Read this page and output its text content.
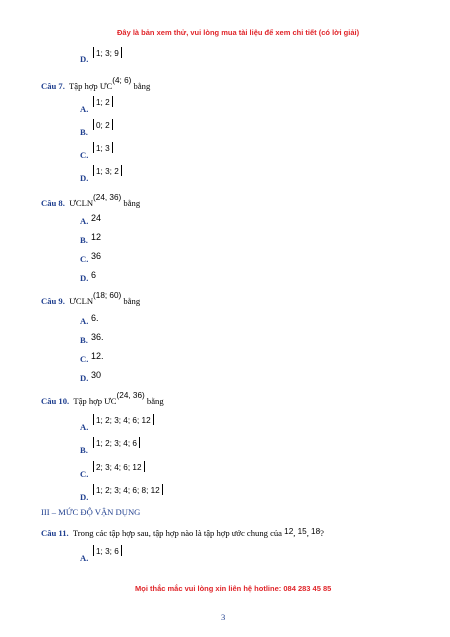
Đây là bản xem thử, vui lòng mua tài liệu để xem chi tiết (có lời giải)
D.
1; 3; 9
Câu 7. Tập hợp ƯC(4; 6) bằng
A.
1; 2
B.
0; 2
C.
1; 3
D.
1; 3; 2
Câu 8. ƯCLN(24, 36) bằng
A. 24
B. 12
C. 36
D. 6
Câu 9. ƯCLN(18; 60) bằng
A. 6.
B. 36.
C. 12.
D. 30
Câu 10. Tập hợp ƯC(24, 36) bằng
A.
1; 2; 3; 4; 6; 12
B.
1; 2; 3; 4; 6
C.
2; 3; 4; 6; 12
D.
1; 2; 3; 4; 6; 8; 12
III – MỨC ĐỘ VẬN DỤNG
Câu 11. Trong các tập hợp sau, tập hợp nào là tập hợp ước chung của 12, 15, 18?
A.
1; 3; 6
Mọi thắc mắc vui lòng xin liên hệ hotline: 084 283 45 85
3
